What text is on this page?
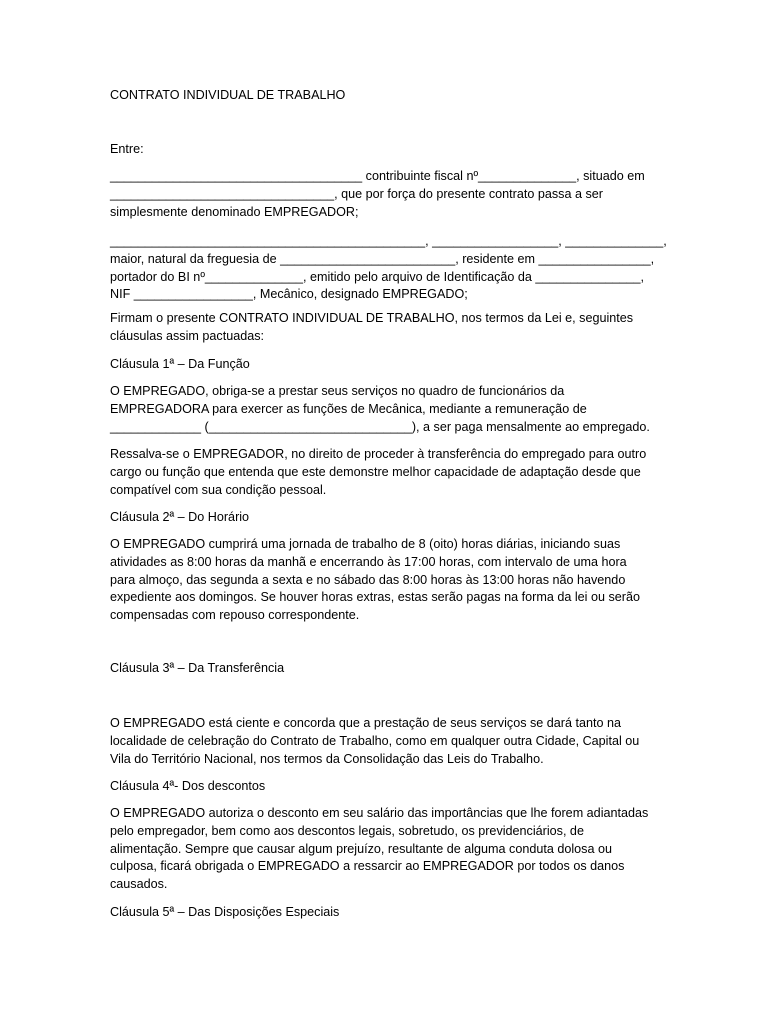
CONTRATO INDIVIDUAL DE TRABALHO
Entre:
____________________________________ contribuinte fiscal nº______________, situado em
________________________________, que por força do presente contrato passa a ser
simplesmente denominado EMPREGADOR;
_____________________________________________, __________________, ______________,
maior, natural da freguesia de _________________________, residente em ________________,
portador do BI nº______________, emitido pelo arquivo de Identificação da _______________,
NIF _________________, Mecânico, designado EMPREGADO;
Firmam o presente CONTRATO INDIVIDUAL DE TRABALHO, nos termos da Lei e, seguintes
cláusulas assim pactuadas:
Cláusula 1ª – Da Função
O EMPREGADO, obriga-se a prestar seus serviços no quadro de funcionários da
EMPREGADORA para exercer as funções de Mecânica, mediante a remuneração de
_____________ (_____________________________), a ser paga mensalmente ao empregado.
Ressalva-se o EMPREGADOR, no direito de proceder à transferência do empregado para outro
cargo ou função que entenda que este demonstre melhor capacidade de adaptação desde que
compatível com sua condição pessoal.
Cláusula 2ª – Do Horário
O EMPREGADO cumprirá uma jornada de trabalho de 8 (oito) horas diárias, iniciando suas
atividades as 8:00 horas da manhã e encerrando às 17:00 horas, com intervalo de uma hora
para almoço, das segunda a sexta e no sábado das 8:00 horas às 13:00 horas não havendo
expediente aos domingos. Se houver horas extras, estas serão pagas na forma da lei ou serão
compensadas com repouso correspondente.
Cláusula 3ª – Da Transferência
O EMPREGADO está ciente e concorda que a prestação de seus serviços se dará tanto na
localidade de celebração do Contrato de Trabalho, como em qualquer outra Cidade, Capital ou
Vila do Território Nacional, nos termos da Consolidação das Leis do Trabalho.
Cláusula 4ª- Dos descontos
O EMPREGADO autoriza o desconto em seu salário das importâncias que lhe forem adiantadas
pelo empregador, bem como aos descontos legais, sobretudo, os previdenciários, de
alimentação. Sempre que causar algum prejuízo, resultante de alguma conduta dolosa ou
culposa, ficará obrigada o EMPREGADO a ressarcir ao EMPREGADOR por todos os danos
causados.
Cláusula 5ª – Das Disposições Especiais
